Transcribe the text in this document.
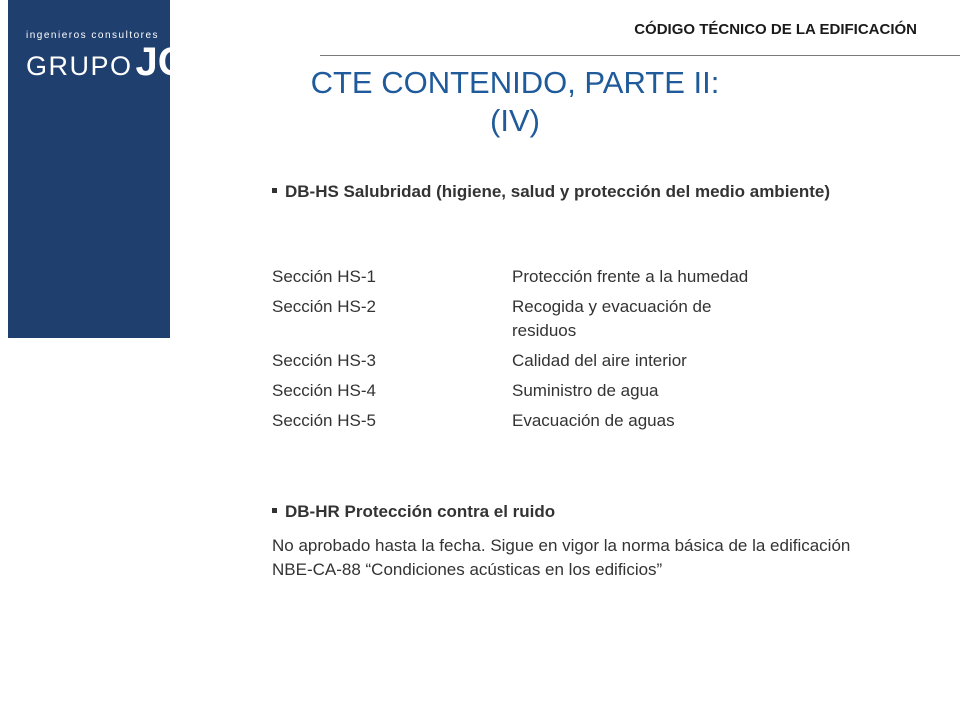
ingenieros consultores
GRUPO JG
CÓDIGO TÉCNICO DE LA EDIFICACIÓN
CTE CONTENIDO, PARTE II:
(IV)
DB-HS Salubridad (higiene, salud y protección del medio ambiente)
Sección HS-1	Protección frente a la humedad
Sección HS-2	Recogida y evacuación de residuos
Sección HS-3	Calidad del aire interior
Sección HS-4	Suministro de agua
Sección HS-5	Evacuación de aguas
DB-HR Protección contra el ruido
No aprobado hasta la fecha. Sigue en vigor la norma básica de la edificación NBE-CA-88 “Condiciones acústicas en los edificios”
